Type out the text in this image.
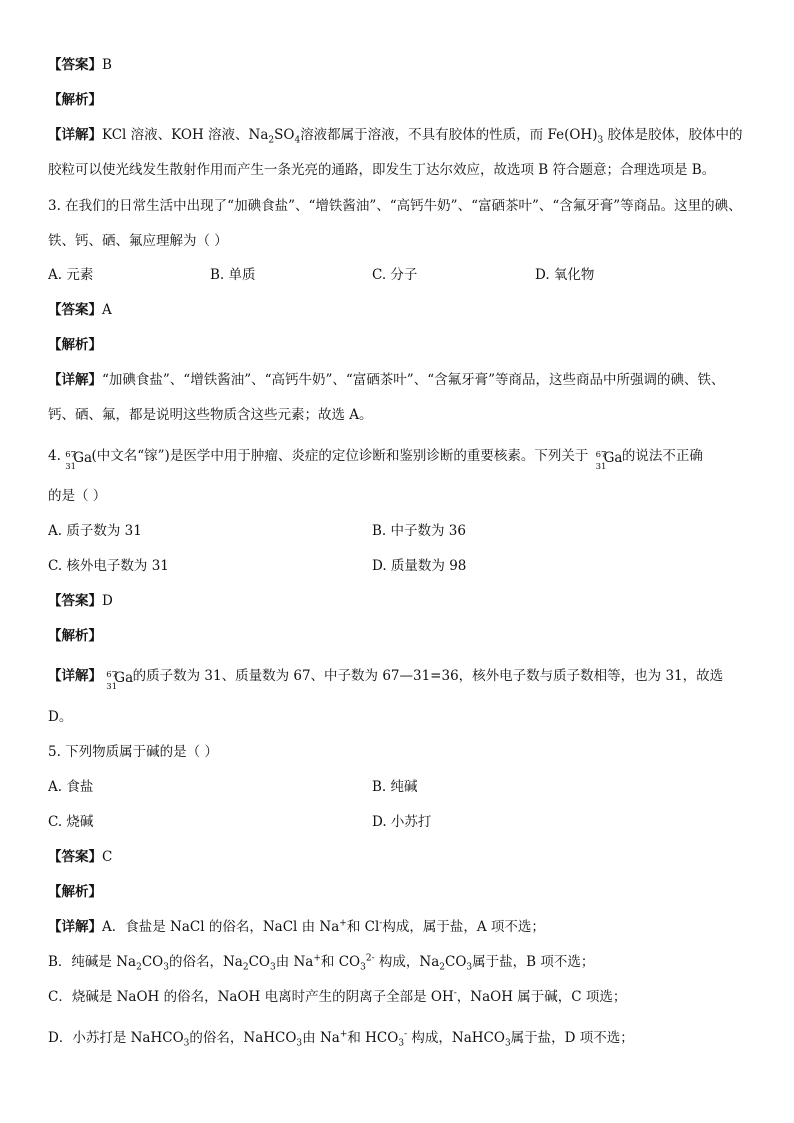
【答案】B
【解析】
【详解】KCl 溶液、KOH 溶液、$Na_2SO_4$溶液都属于溶液，不具有胶体的性质，而 $Fe(OH)_3$ 胶体是胶体，胶体中的
胶粒可以使光线发生散射作用而产生一条光亮的通路，即发生丁达尔效应，故选项 B 符合题意；合理选项是 B。
3. 在我们的日常生活中出现了“加碘食盐”、“增铁酱油”、“高钙牛奶”、“富硒茶叶”、“含氟牙膏”等商品。这里的碘、
铁、钙、硒、氟应理解为（ ）
A. 元素	B. 单质	C. 分子	D. 氧化物
【答案】A
【解析】
【详解】“加碘食盐”、“增铁酱油”、“高钙牛奶”、“富硒茶叶”、“含氟牙膏”等商品，这些商品中所强调的碘、铁、
钙、硒、氟，都是说明这些物质含这些元素；故选 A。
4. 67
31
Ga (中文名“镓”)是医学中用于肿瘤、炎症的定位诊断和鉴别诊断的重要核素。下列关于 67
31
Ga 的说法不正确
的是（ ）
A. 质子数为 31	B. 中子数为 36
C. 核外电子数为 31	D. 质量数为 98
【答案】D
【解析】
【详解】 67
31
Ga 的质子数为 31、质量数为 67、中子数为 67—31=36，核外电子数与质子数相等，也为 31，故选
D。
5. 下列物质属于碱的是（ ）
A. 食盐	B. 纯碱
C. 烧碱	D. 小苏打
【答案】C
【解析】
【详解】A．食盐是 NaCl 的俗名，NaCl 由 Na+和 Cl-构成，属于盐，A 项不选；
B．纯碱是 $Na_2CO_3$的俗名，$Na_2CO_3$由 Na+和 $CO_3^{2-}$ 构成，$Na_2CO_3$属于盐，B 项不选；
C．烧碱是 NaOH 的俗名，NaOH 电离时产生的阴离子全部是 OH-，NaOH 属于碱，C 项选；
D．小苏打是 NaHCO$_3$的俗名，NaHCO$_3$由 Na+和 $HCO_3^-$ 构成，NaHCO$_3$属于盐，D 项不选；
